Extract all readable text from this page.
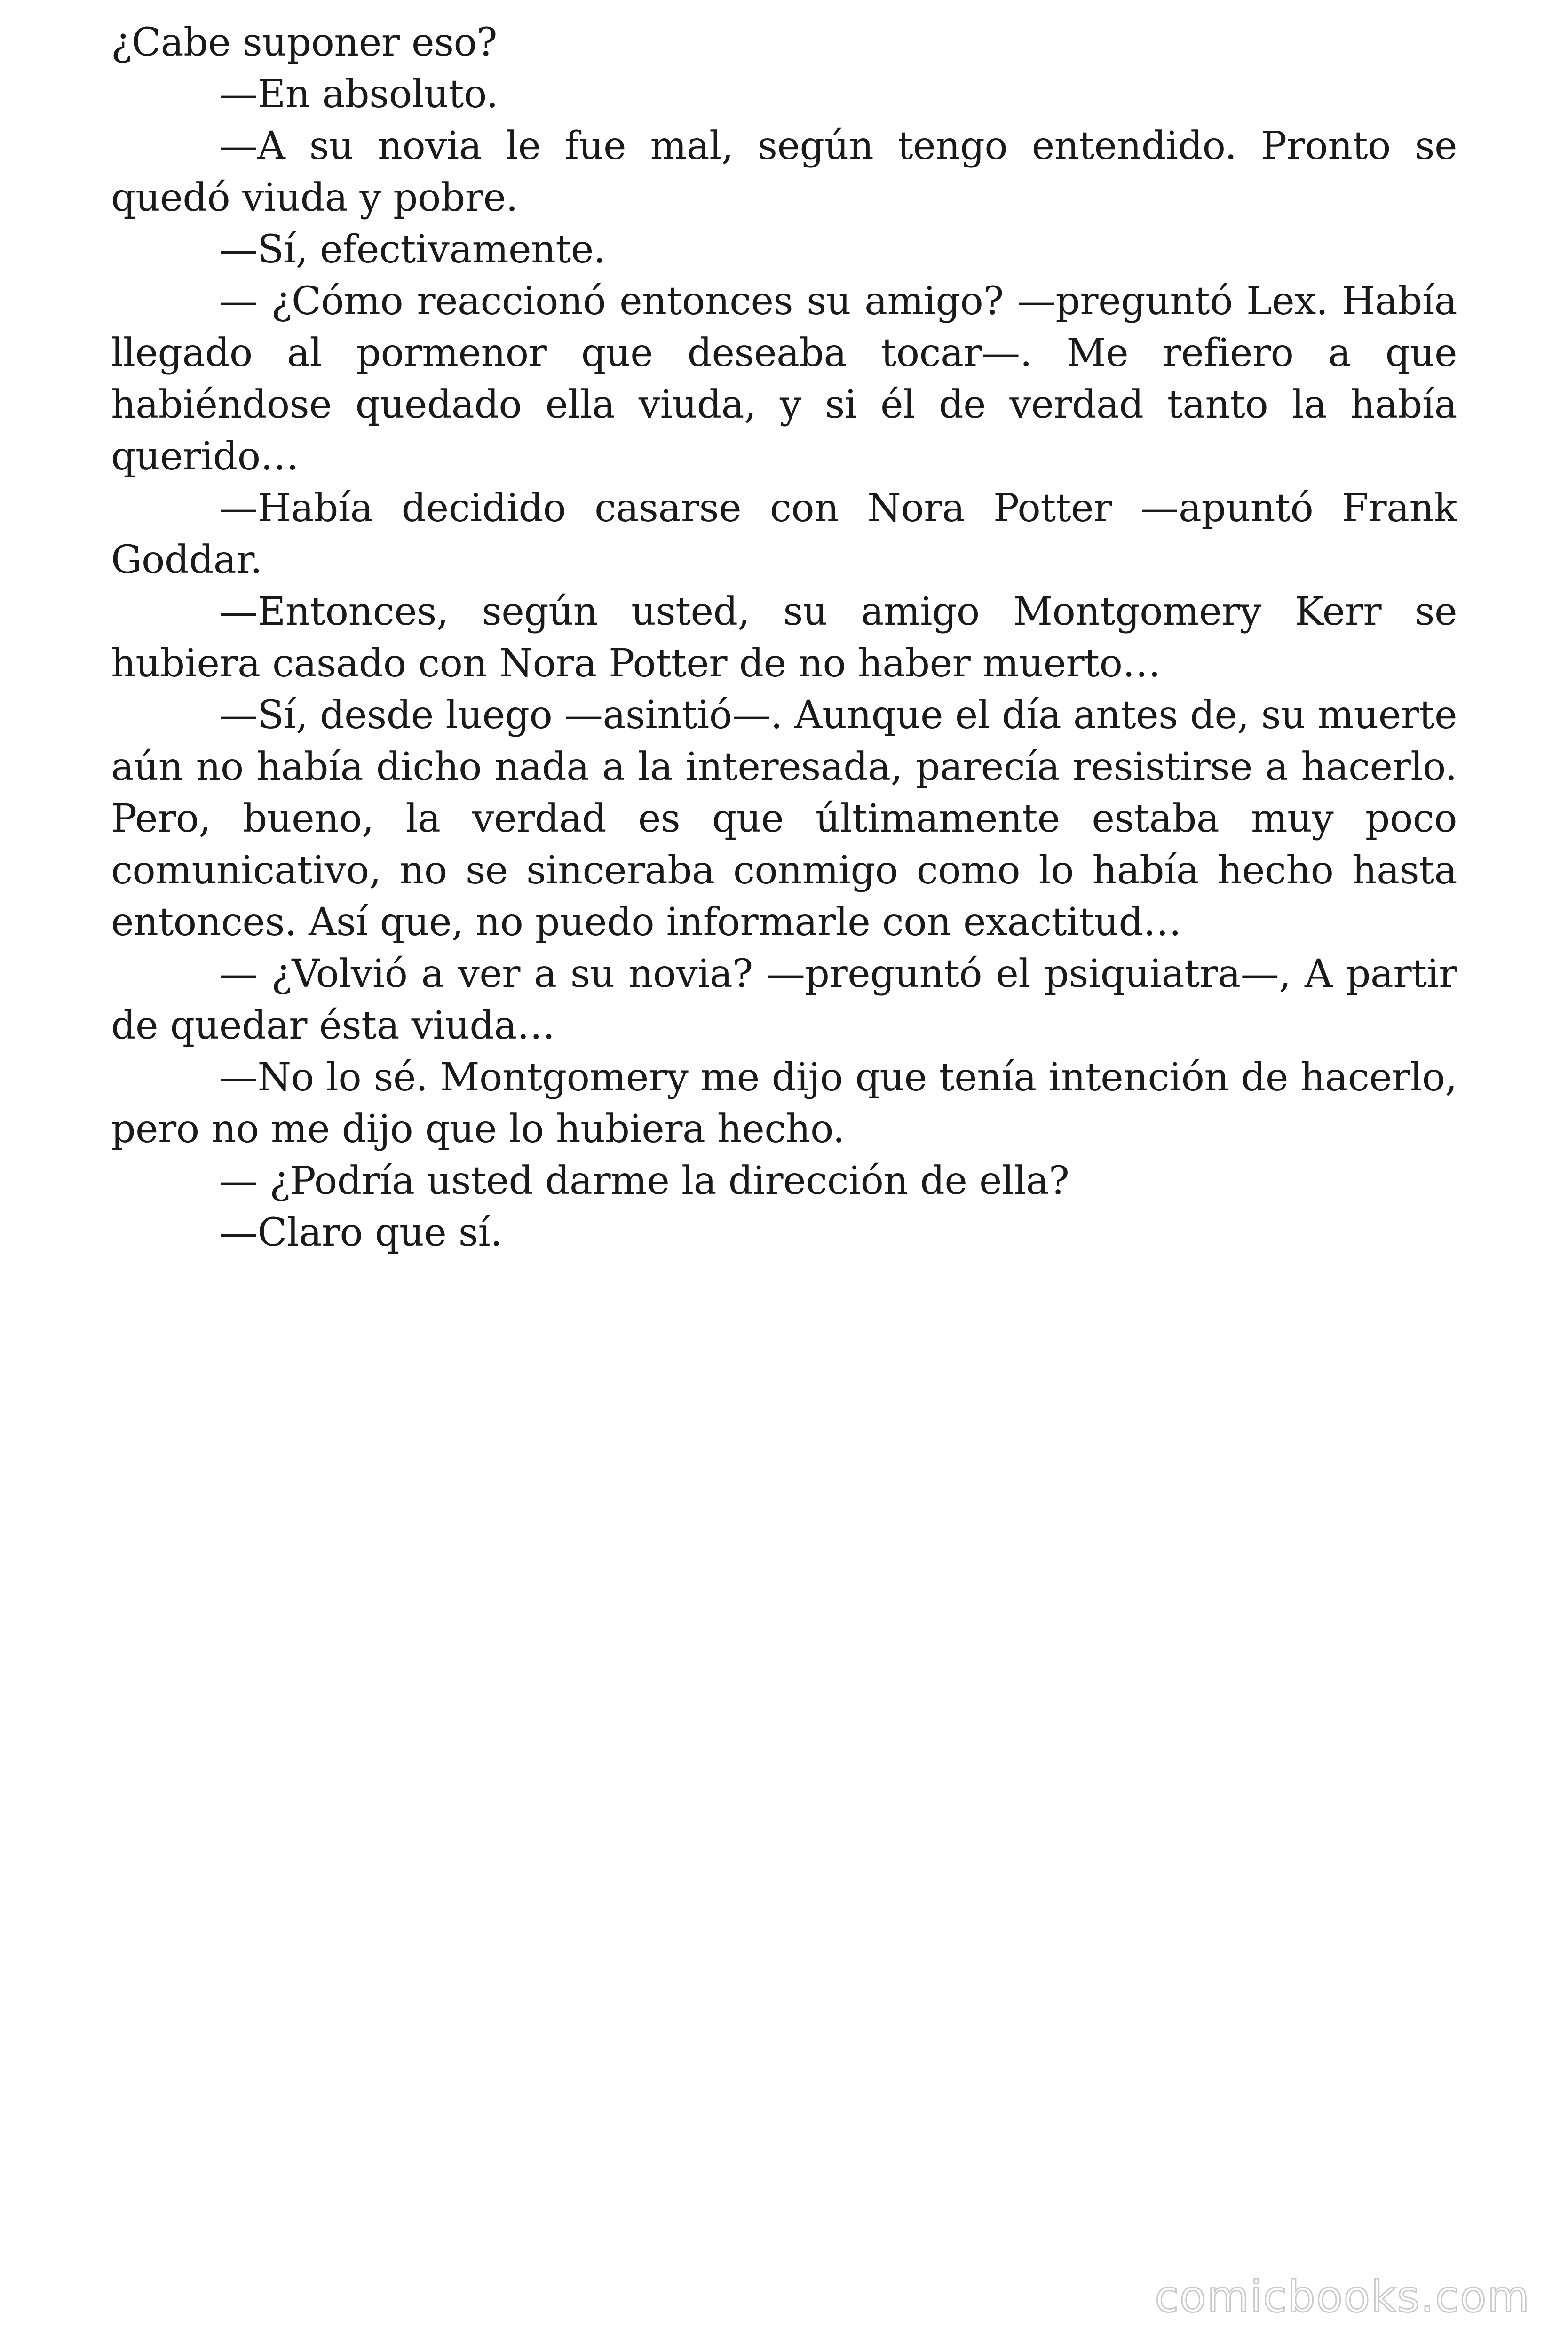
¿Cabe suponer eso?

—En absoluto.

—A su novia le fue mal, según tengo entendido. Pronto se quedó viuda y pobre.

—Sí, efectivamente.

— ¿Cómo reaccionó entonces su amigo? —preguntó Lex. Había llegado al pormenor que deseaba tocar—. Me refiero a que habiéndose quedado ella viuda, y si él de verdad tanto la había querido…

—Había decidido casarse con Nora Potter —apuntó Frank Goddar.

—Entonces, según usted, su amigo Montgomery Kerr se hubiera casado con Nora Potter de no haber muerto…

—Sí, desde luego —asintió—. Aunque el día antes de, su muerte aún no había dicho nada a la interesada, parecía resistirse a hacerlo. Pero, bueno, la verdad es que últimamente estaba muy poco comunicativo, no se sinceraba conmigo como lo había hecho hasta entonces. Así que, no puedo informarle con exactitud…

— ¿Volvió a ver a su novia? —preguntó el psiquiatra—, A partir de quedar ésta viuda…

—No lo sé. Montgomery me dijo que tenía intención de hacerlo, pero no me dijo que lo hubiera hecho.

— ¿Podría usted darme la dirección de ella?

—Claro que sí.

comicbooks.com
